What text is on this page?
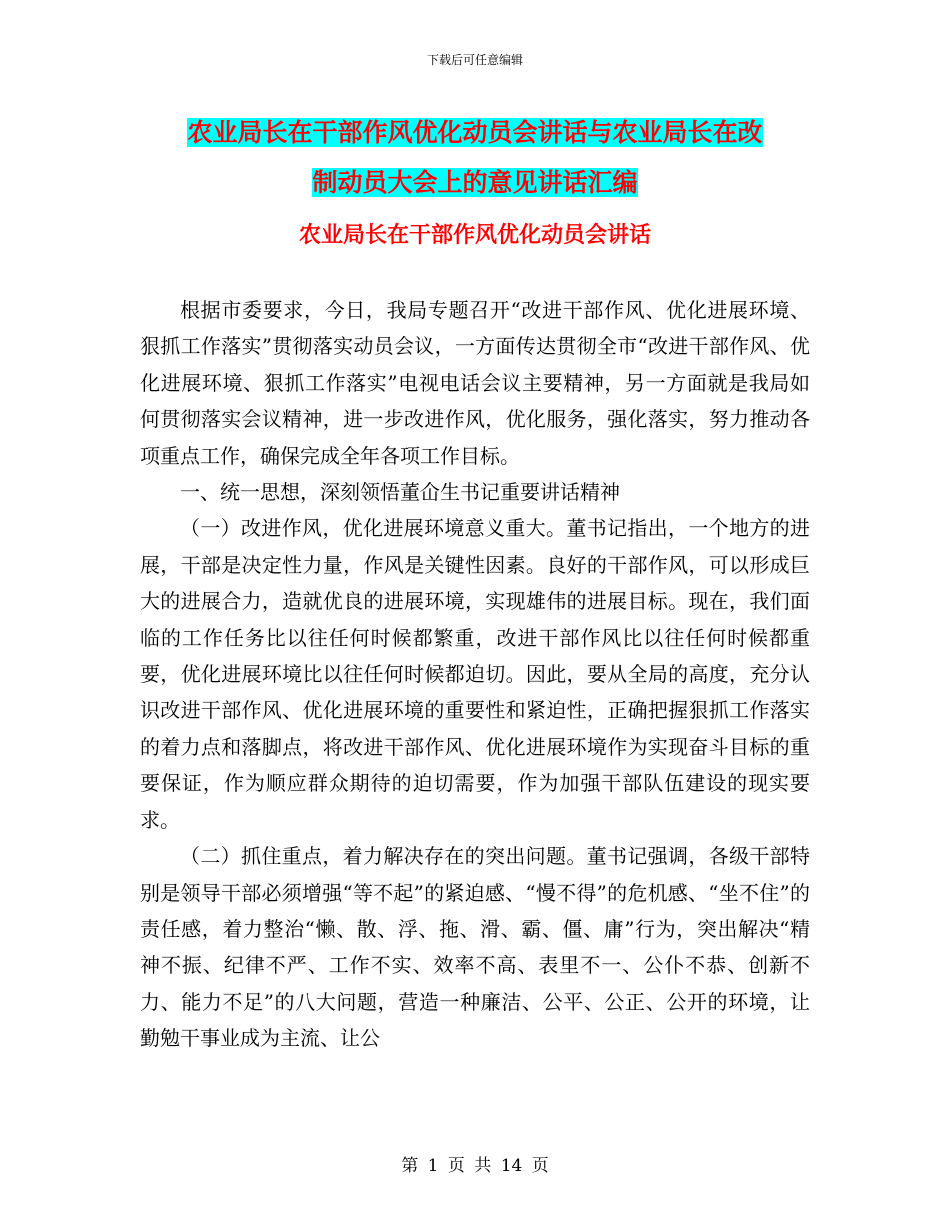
下载后可任意编辑
农业局长在干部作风优化动员会讲话与农业局长在改
制动员大会上的意见讲话汇编
农业局长在干部作风优化动员会讲话

根据市委要求，今日，我局专题召开“改进干部作风、优化进展环境、狠抓工作落实”贯彻落实动员会议，一方面传达贯彻全市“改进干部作风、优化进展环境、狠抓工作落实”电视电话会议主要精神，另一方面就是我局如何贯彻落实会议精神，进一步改进作风，优化服务，强化落实，努力推动各项重点工作，确保完成全年各项工作目标。

一、统一思想，深刻领悟董仚生书记重要讲话精神

（一）改进作风，优化进展环境意义重大。董书记指出，一个地方的进展，干部是决定性力量，作风是关键性因素。良好的干部作风，可以形成巨大的进展合力，造就优良的进展环境，实现雄伟的进展目标。现在，我们面临的工作任务比以往任何时候都繁重，改进干部作风比以往任何时候都重要，优化进展环境比以往任何时候都迫切。因此，要从全局的高度，充分认识改进干部作风、优化进展环境的重要性和紧迫性，正确把握狠抓工作落实的着力点和落脚点，将改进干部作风、优化进展环境作为实现奋斗目标的重要保证，作为顺应群众期待的迫切需要，作为加强干部队伍建设的现实要求。

（二）抓住重点，着力解决存在的突出问题。董书记强调，各级干部特别是领导干部必须增强“等不起”的紧迫感、“慢不得”的危机感、“坐不住”的责任感，着力整治“懒、散、浮、拖、滑、霸、僵、庸”行为，突出解决“精神不振、纪律不严、工作不实、效率不高、表里不一、公仆不恭、创新不力、能力不足”的八大问题，营造一种廉洁、公平、公正、公开的环境，让勤勉干事业成为主流、让公

第 1 页 共 14 页
